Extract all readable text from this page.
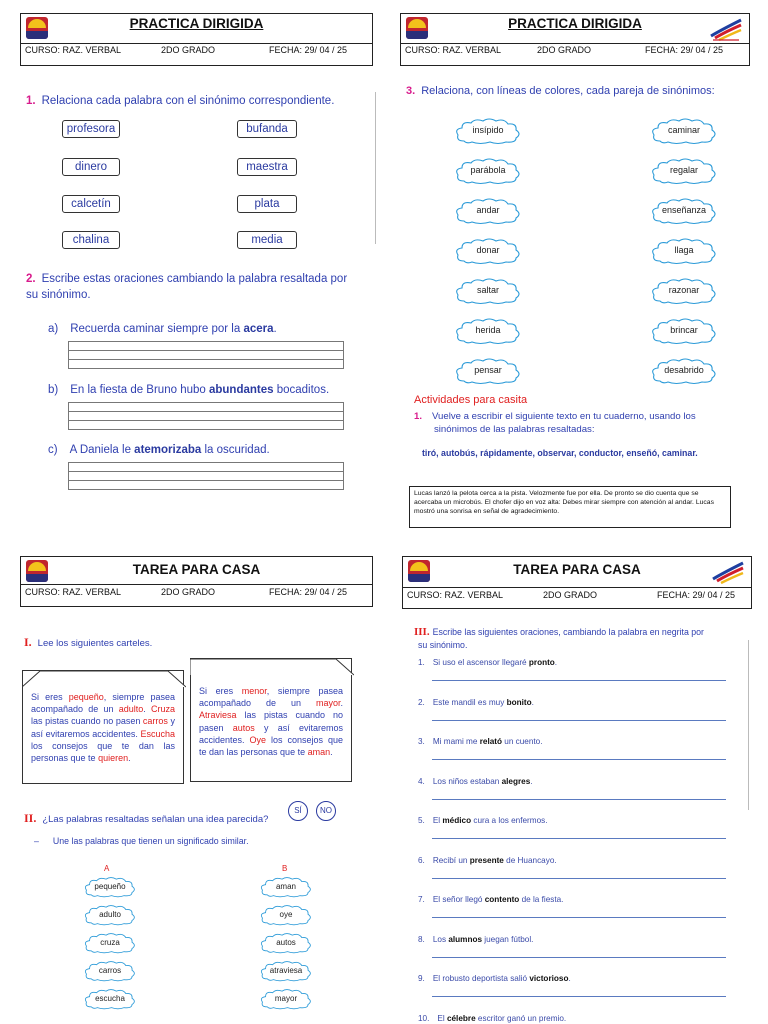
PRACTICA DIRIGIDA
CURSO: RAZ. VERBAL	2DO GRADO	FECHA: 29/ 04 / 25
1. Relaciona cada palabra con el sinónimo correspondiente.
profesora
dinero
calcetín
chalina
bufanda
maestra
plata
media
2. Escribe estas oraciones cambiando la palabra resaltada por
su sinónimo.
a) Recuerda caminar siempre por la acera.
b) En la fiesta de Bruno hubo abundantes bocaditos.
c) A Daniela le atemorizaba la oscuridad.
PRACTICA DIRIGIDA
CURSO: RAZ. VERBAL	2DO GRADO	FECHA: 29/ 04 / 25
3. Relaciona, con líneas de colores, cada pareja de sinónimos:
Actividades para casita
1. Vuelve a escribir el siguiente texto en tu cuaderno, usando los
sinónimos de las palabras resaltadas:
tiró, autobús, rápidamente, observar, conductor, enseñó, caminar.
Lucas lanzó la pelota cerca a la pista. Velozmente fue por ella. De pronto se dio cuenta que se acercaba un microbús. El chofer dijo en voz alta: Debes mirar siempre con atención al andar. Lucas mostró una sonrisa en señal de agradecimiento.
insípido
parábola
andar
donar
saltar
herida
pensar
caminar
regalar
enseñanza
llaga
razonar
brincar
desabrido
TAREA PARA CASA
CURSO: RAZ. VERBAL	2DO GRADO	FECHA: 29/ 04 / 25
I. Lee los siguientes carteles.

Si eres pequeño, siempre pasea acompañado de un adulto. Cruza las pistas cuando no pasen carros y así evitaremos accidentes. Escucha los consejos que te dan las personas que te quieren.

Si eres menor, siempre pasea acompañado de un mayor. Atraviesa las pistas cuando no pasen autos y así evitaremos accidentes. Oye los consejos que te dan las personas que te aman.

II. ¿Las palabras resaltadas señalan una idea parecida?
SÍ	NO
– Une las palabras que tienen un significado similar.
A	B
pequeño
adulto
cruza
carros
escucha
aman
oye
autos
atraviesa
mayor
TAREA PARA CASA
CURSO: RAZ. VERBAL	2DO GRADO	FECHA: 29/ 04 / 25
III. Escribe las siguientes oraciones, cambiando la palabra en negrita por
su sinónimo.
1. Si uso el ascensor llegaré pronto.
2. Este mandil es muy bonito.
3. Mi mami me relató un cuento.
4. Los niños estaban alegres.
5. El médico cura a los enfermos.
6. Recibí un presente de Huancayo.
7. El señor llegó contento de la fiesta.
8. Los alumnos juegan fútbol.
9. El robusto deportista salió victorioso.
10. El célebre escritor ganó un premio.
